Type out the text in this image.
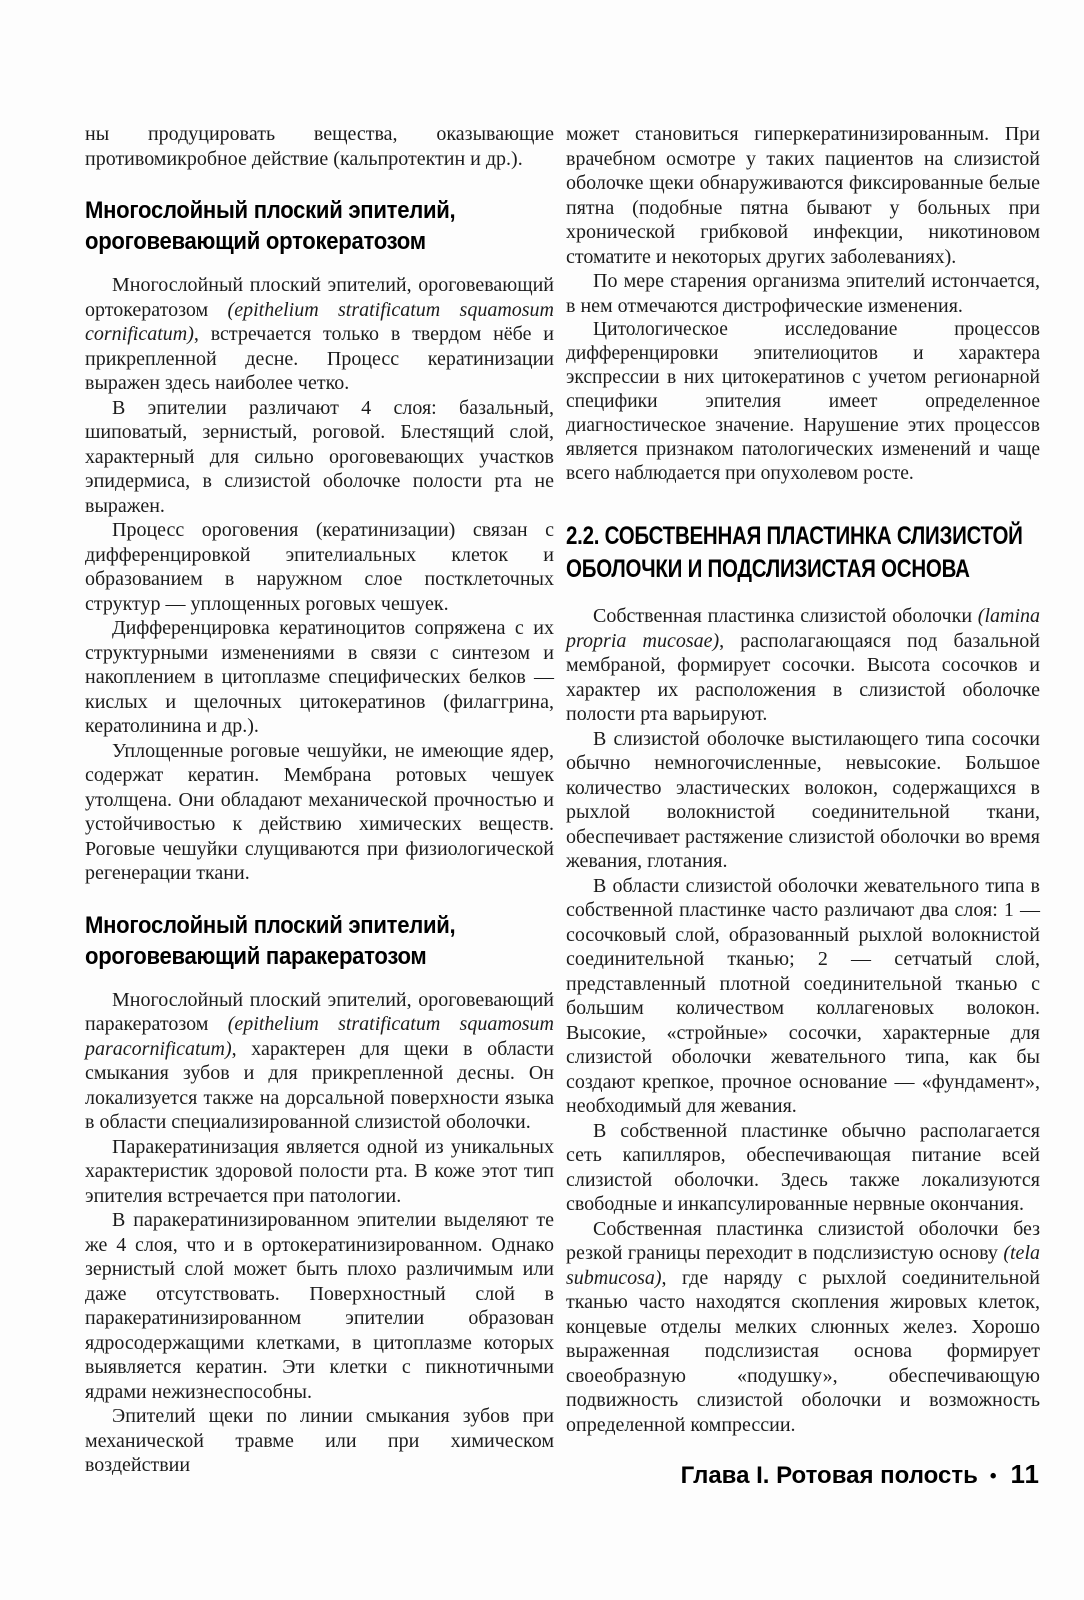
ны продуцировать вещества, оказывающие противомикробное действие (кальпротектин и др.).

Многослойный плоский эпителий,
ороговевающий ортокератозом

Многослойный плоский эпителий, ороговевающий ортокератозом (epithelium stratificatum squamosum cornificatum), встречается только в твердом нёбе и прикрепленной десне. Процесс кератинизации выражен здесь наиболее четко.

В эпителии различают 4 слоя: базальный, шиповатый, зернистый, роговой. Блестящий слой, характерный для сильно ороговевающих участков эпидермиса, в слизистой оболочке полости рта не выражен.

Процесс ороговения (кератинизации) связан с дифференцировкой эпителиальных клеток и образованием в наружном слое постклеточных структур — уплощенных роговых чешуек.

Дифференцировка кератиноцитов сопряжена с их структурными изменениями в связи с синтезом и накоплением в цитоплазме специфических белков — кислых и щелочных цитокератинов (филаггрина, кератолинина и др.).

Уплощенные роговые чешуйки, не имеющие ядер, содержат кератин. Мембрана ротовых чешуек утолщена. Они обладают механической прочностью и устойчивостью к действию химических веществ. Роговые чешуйки слущиваются при физиологической регенерации ткани.

Многослойный плоский эпителий,
ороговевающий паракератозом

Многослойный плоский эпителий, ороговевающий паракератозом (epithelium stratificatum squamosum paracornificatum), характерен для щеки в области смыкания зубов и для прикрепленной десны. Он локализуется также на дорсальной поверхности языка в области специализированной слизистой оболочки.

Паракератинизация является одной из уникальных характеристик здоровой полости рта. В коже этот тип эпителия встречается при патологии.

В паракератинизированном эпителии выделяют те же 4 слоя, что и в ортокератинизированном. Однако зернистый слой может быть плохо различимым или даже отсутствовать. Поверхностный слой в паракератинизированном эпителии образован ядросодержащими клетками, в цитоплазме которых выявляется кератин. Эти клетки с пикнотичными ядрами нежизнеспособны.

Эпителий щеки по линии смыкания зубов при механической травме или при химическом воздействии

может становиться гиперкератинизированным. При врачебном осмотре у таких пациентов на слизистой оболочке щеки обнаруживаются фиксированные белые пятна (подобные пятна бывают у больных при хронической грибковой инфекции, никотиновом стоматите и некоторых других заболеваниях).

По мере старения организма эпителий истончается, в нем отмечаются дистрофические изменения.

Цитологическое исследование процессов дифференцировки эпителиоцитов и характера экспрессии в них цитокератинов с учетом регионарной специфики эпителия имеет определенное диагностическое значение. Нарушение этих процессов является признаком патологических изменений и чаще всего наблюдается при опухолевом росте.

2.2. СОБСТВЕННАЯ ПЛАСТИНКА СЛИЗИСТОЙ
ОБОЛОЧКИ И ПОДСЛИЗИСТАЯ ОСНОВА

Собственная пластинка слизистой оболочки (lamina propria mucosae), располагающаяся под базальной мембраной, формирует сосочки. Высота сосочков и характер их расположения в слизистой оболочке полости рта варьируют.

В слизистой оболочке выстилающего типа сосочки обычно немногочисленные, невысокие. Большое количество эластических волокон, содержащихся в рыхлой волокнистой соединительной ткани, обеспечивает растяжение слизистой оболочки во время жевания, глотания.

В области слизистой оболочки жевательного типа в собственной пластинке часто различают два слоя: 1 — сосочковый слой, образованный рыхлой волокнистой соединительной тканью; 2 — сетчатый слой, представленный плотной соединительной тканью с большим количеством коллагеновых волокон. Высокие, «стройные» сосочки, характерные для слизистой оболочки жевательного типа, как бы создают крепкое, прочное основание — «фундамент», необходимый для жевания.

В собственной пластинке обычно располагается сеть капилляров, обеспечивающая питание всей слизистой оболочки. Здесь также локализуются свободные и инкапсулированные нервные окончания.

Собственная пластинка слизистой оболочки без резкой границы переходит в подслизистую основу (tela submucosa), где наряду с рыхлой соединительной тканью часто находятся скопления жировых клеток, концевые отделы мелких слюнных желез. Хорошо выраженная подслизистая основа формирует своеобразную «подушку», обеспечивающую подвижность слизистой оболочки и возможность определенной компрессии.

Глава I. Ротовая полость • 11
